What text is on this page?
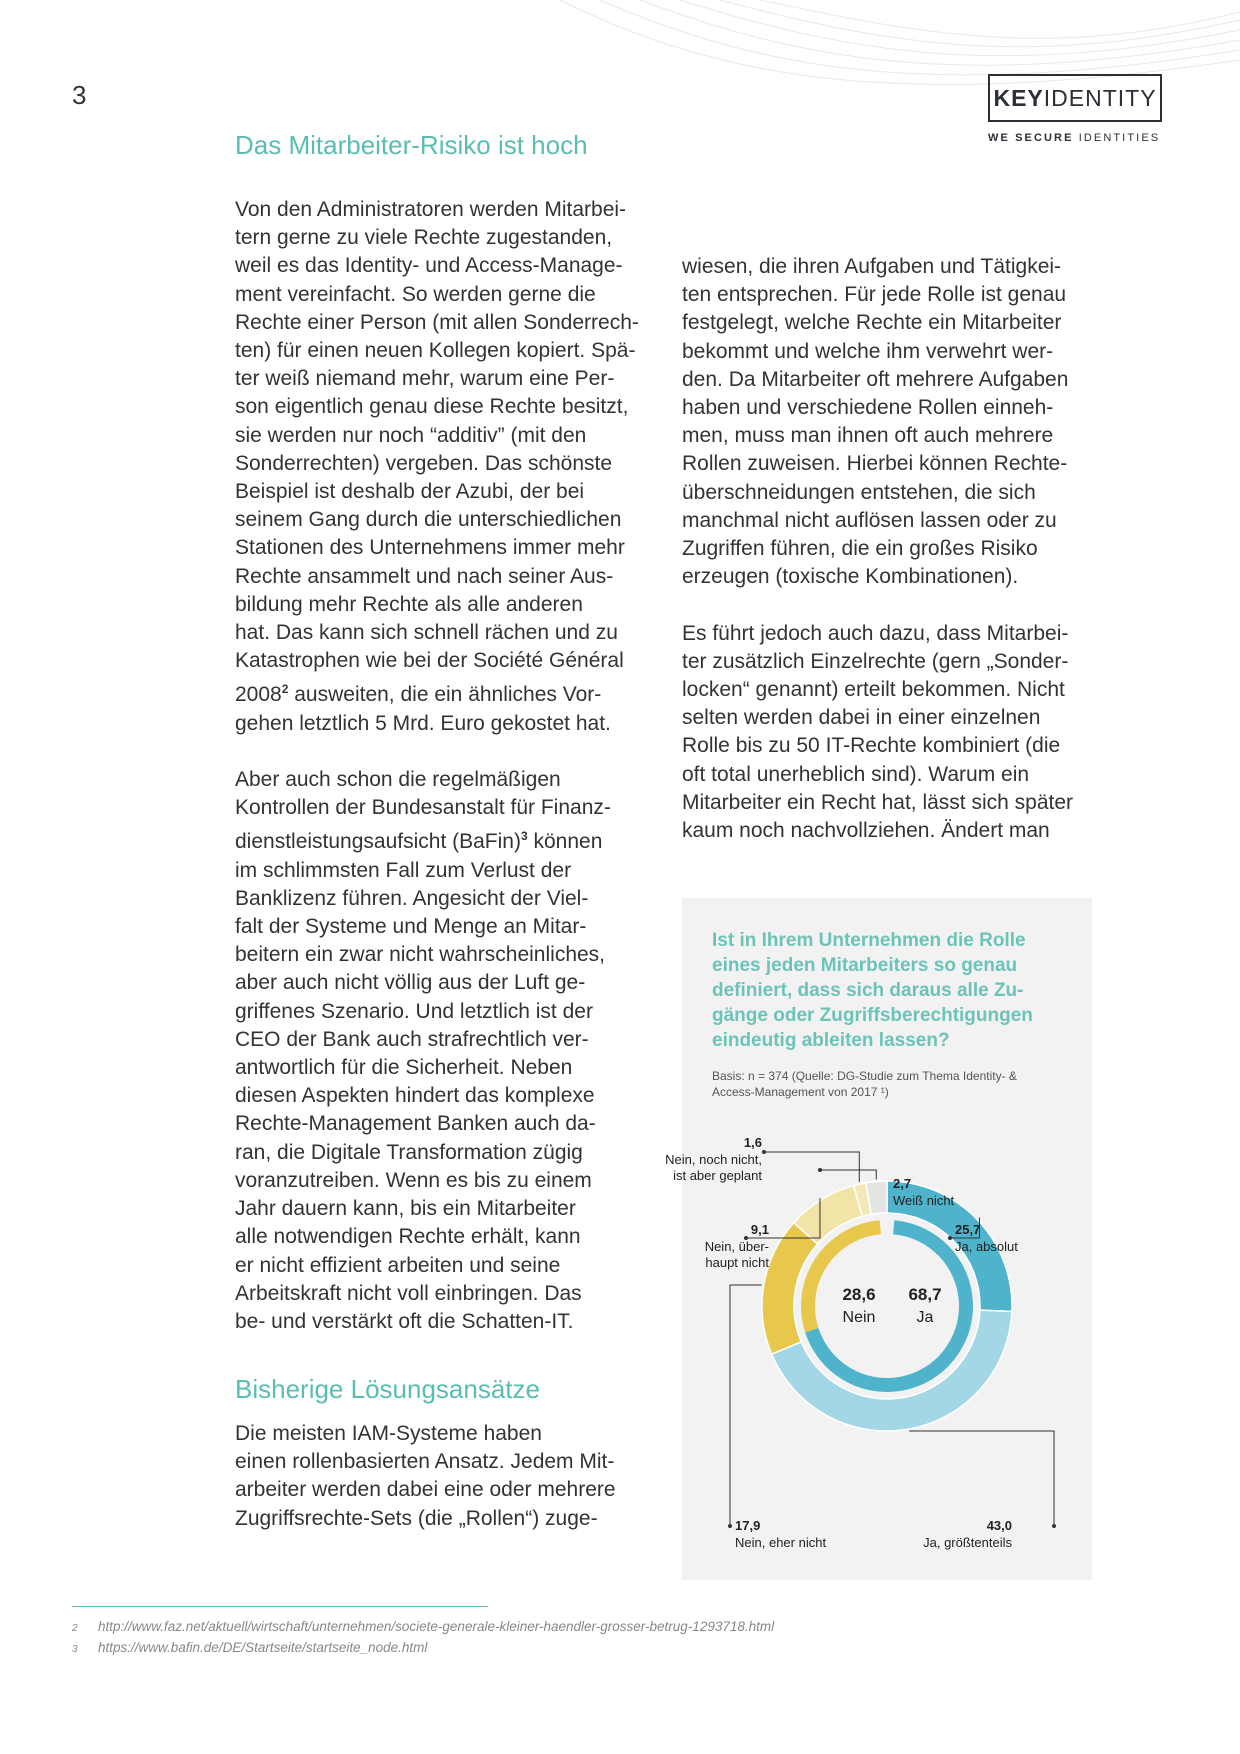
3	KEY IDENTITY
WE SECURE IDENTITIES
Das Mitarbeiter-Risiko ist hoch

Von den Administratoren werden Mitarbei-
tern gerne zu viele Rechte zugestanden,
weil es das Identity- und Access-Manage-
ment vereinfacht. So werden gerne die
Rechte einer Person (mit allen Sonderrech-
ten) für einen neuen Kollegen kopiert. Spä-
ter weiß niemand mehr, warum eine Per-
son eigentlich genau diese Rechte besitzt,
sie werden nur noch “additiv” (mit den
Sonderrechten) vergeben. Das schönste
Beispiel ist deshalb der Azubi, der bei
seinem Gang durch die unterschiedlichen
Stationen des Unternehmens immer mehr
Rechte ansammelt und nach seiner Aus-
bildung mehr Rechte als alle anderen
hat. Das kann sich schnell rächen und zu
Katastrophen wie bei der Société Général
2008$^2$ ausweiten, die ein ähnliches Vor-
gehen letztlich 5 Mrd. Euro gekostet hat.

Aber auch schon die regelmäßigen
Kontrollen der Bundesanstalt für Finanz-
dienstleistungsaufsicht (BaFin)$^3$ können
im schlimmsten Fall zum Verlust der
Banklizenz führen. Angesicht der Viel-
falt der Systeme und Menge an Mitar-
beitern ein zwar nicht wahrscheinliches,
aber auch nicht völlig aus der Luft ge-
griffenes Szenario. Und letztlich ist der
CEO der Bank auch strafrechtlich ver-
antwortlich für die Sicherheit. Neben
diesen Aspekten hindert das komplexe
Rechte-Management Banken auch da-
ran, die Digitale Transformation zügig
voranzutreiben. Wenn es bis zu einem
Jahr dauern kann, bis ein Mitarbeiter
alle notwendigen Rechte erhält, kann
er nicht effizient arbeiten und seine
Arbeitskraft nicht voll einbringen. Das
be- und verstärkt oft die Schatten-IT.

Bisherige Lösungsansätze

Die meisten IAM-Systeme haben
einen rollenbasierten Ansatz. Jedem Mit-
arbeiter werden dabei eine oder mehrere
Zugriffsrechte-Sets (die „Rollen“) zuge-

wiesen, die ihren Aufgaben und Tätigkei-
ten entsprechen. Für jede Rolle ist genau
festgelegt, welche Rechte ein Mitarbeiter
bekommt und welche ihm verwehrt wer-
den. Da Mitarbeiter oft mehrere Aufgaben
haben und verschiedene Rollen einneh-
men, muss man ihnen oft auch mehrere
Rollen zuweisen. Hierbei können Rechte-
überschneidungen entstehen, die sich
manchmal nicht auflösen lassen oder zu
Zugriffen führen, die ein großes Risiko
erzeugen (toxische Kombinationen).

Es führt jedoch auch dazu, dass Mitarbei-
ter zusätzlich Einzelrechte (gern „Sonder-
locken“ genannt) erteilt bekommen. Nicht
selten werden dabei in einer einzelnen
Rolle bis zu 50 IT-Rechte kombiniert (die
oft total unerheblich sind). Warum ein
Mitarbeiter ein Recht hat, lässt sich später
kaum noch nachvollziehen. Ändert man

Ist in Ihrem Unternehmen die Rolle
eines jeden Mitarbeiters so genau
definiert, dass sich daraus alle Zu-
gänge oder Zugriffsberechtigungen
eindeutig ableiten lassen?

Basis: n = 374 (Quelle: DG-Studie zum Thema Identity- &
Access-Management von 2017 ¹)
25,7
Ja, absolut
43,0
Ja, größtenteils
17,9
Nein, eher nicht
9,1
Nein, über-
haupt nicht
1,6
Nein, noch nicht,
ist aber geplant
2,7
Weiß nicht
68,7
Ja
28,6
Nein
2 http://www.faz.net/aktuell/wirtschaft/unternehmen/societe-generale-kleiner-haendler-grosser-betrug-1293718.html
3 https://www.bafin.de/DE/Startseite/startseite_node.html
